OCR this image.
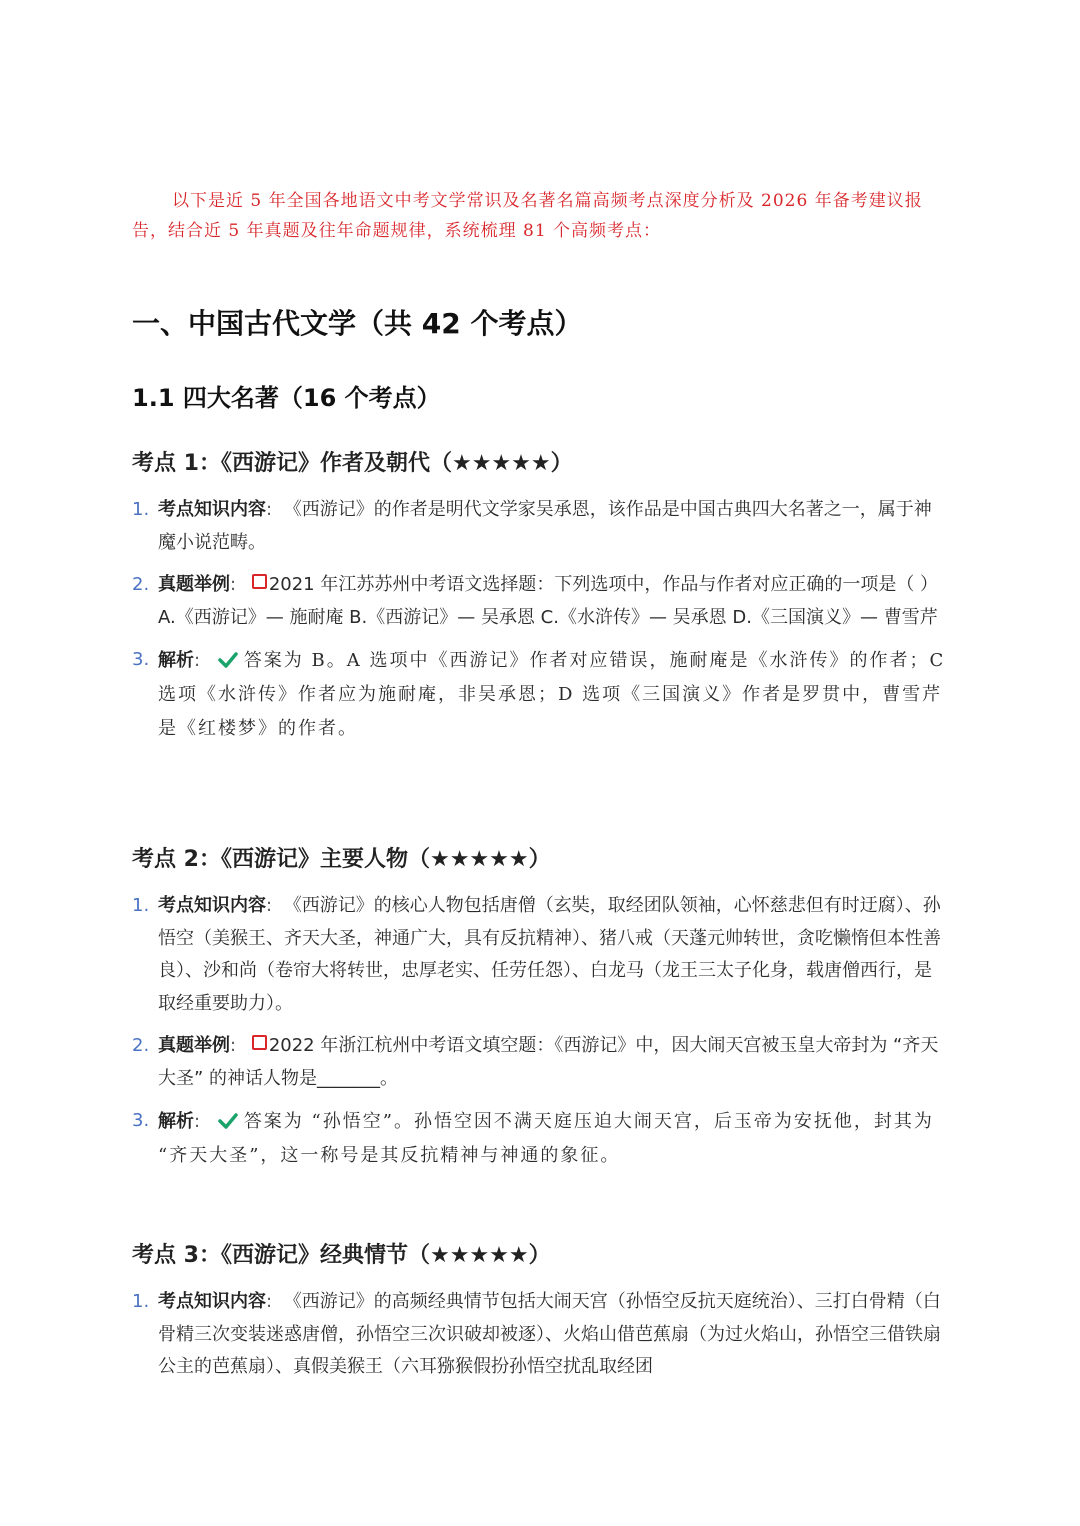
以下是近 5 年全国各地语文中考文学常识及名著名篇高频考点深度分析及 2026 年备考建议报告，结合近 5 年真题及往年命题规律，系统梳理 81 个高频考点：

一、中国古代文学（共 42 个考点）
1.1 四大名著（16 个考点）
考点 1：《西游记》作者及朝代（★★★★★）
1. 考点知识内容: 《西游记》的作者是明代文学家吴承恩，该作品是中国古典四大名著之一，属于神魔小说范畴。
2. 真题举例: 2021 年江苏苏州中考语文选择题：下列选项中，作品与作者对应正确的一项是（ ）A.《西游记》— 施耐庵 B.《西游记》— 吴承恩 C.《水浒传》— 吴承恩 D.《三国演义》— 曹雪芹
3. 解析: 答案为 B。A 选项中《西游记》作者对应错误，施耐庵是《水浒传》的作者；C 选项《水浒传》作者应为施耐庵，非吴承恩；D 选项《三国演义》作者是罗贯中，曹雪芹是《红楼梦》的作者。
考点 2：《西游记》主要人物（★★★★★）
1. 考点知识内容: 《西游记》的核心人物包括唐僧（玄奘，取经团队领袖，心怀慈悲但有时迂腐）、孙悟空（美猴王、齐天大圣，神通广大，具有反抗精神）、猪八戒（天蓬元帅转世，贪吃懒惰但本性善良）、沙和尚（卷帘大将转世，忠厚老实、任劳任怨）、白龙马（龙王三太子化身，载唐僧西行，是取经重要助力）。
2. 真题举例: 2022 年浙江杭州中考语文填空题：《西游记》中，因大闹天宫被玉皇大帝封为 “齐天大圣” 的神话人物是_______。
3. 解析: 答案为 “孙悟空”。孙悟空因不满天庭压迫大闹天宫，后玉帝为安抚他，封其为 “齐天大圣”，这一称号是其反抗精神与神通的象征。
考点 3：《西游记》经典情节（★★★★★）
1. 考点知识内容: 《西游记》的高频经典情节包括大闹天宫（孙悟空反抗天庭统治）、三打白骨精（白骨精三次变装迷惑唐僧，孙悟空三次识破却被逐）、火焰山借芭蕉扇（为过火焰山，孙悟空三借铁扇公主的芭蕉扇）、真假美猴王（六耳猕猴假扮孙悟空扰乱取经团
